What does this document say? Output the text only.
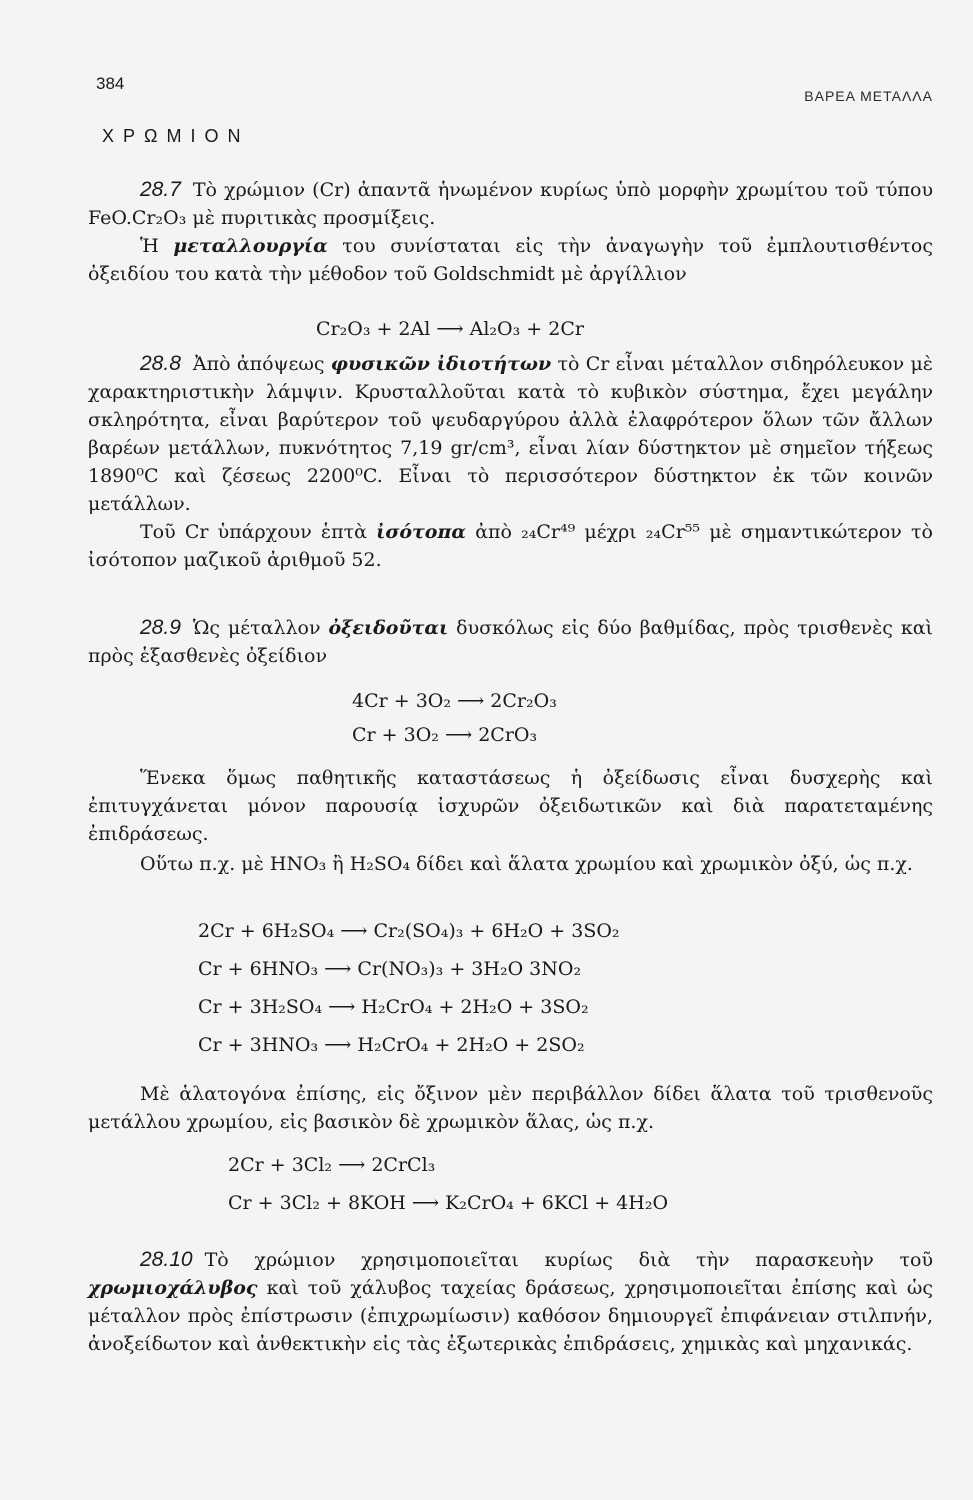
384
ΒΑΡΕΑ ΜΕΤΑΛΛΑ
ΧΡΩΜΙΟΝ

28.7 Τὸ χρώμιον (Cr) ἀπαντᾶ ἡνωμένον κυρίως ὑπὸ μορφὴν χρωμίτου τοῦ τύπου FeO.Cr₂O₃ μὲ πυριτικὰς προσμίξεις.

Ἡ μεταλλουργία του συνίσταται εἰς τὴν ἀναγωγὴν τοῦ ἐμπλουτισθέντος ὀξειδίου του κατὰ τὴν μέθοδον τοῦ Goldschmidt μὲ ἀργίλλιον

Cr₂O₃ + 2Al ⟶ Al₂O₃ + 2Cr

28.8 Ἀπὸ ἀπόψεως φυσικῶν ἰδιοτήτων τὸ Cr εἶναι μέταλλον σιδηρόλευκον μὲ χαρακτηριστικὴν λάμψιν. Κρυσταλλοῦται κατὰ τὸ κυβικὸν σύστημα, ἔχει μεγάλην σκληρότητα, εἶναι βαρύτερον τοῦ ψευδαργύρου ἀλλὰ ἐλαφρότερον ὅλων τῶν ἄλλων βαρέων μετάλλων, πυκνότητος 7,19 gr/cm³, εἶναι λίαν δύστηκτον μὲ σημεῖον τήξεως 1890⁰C καὶ ζέσεως 2200⁰C. Εἶναι τὸ περισσότερον δύστηκτον ἐκ τῶν κοινῶν μετάλλων.

Τοῦ Cr ὑπάρχουν ἑπτὰ ἰσότοπα ἀπὸ ₂₄Cr⁴⁹ μέχρι ₂₄Cr⁵⁵ μὲ σημαντικώτερον τὸ ἰσότοπον μαζικοῦ ἀριθμοῦ 52.

28.9 Ὡς μέταλλον ὀξειδοῦται δυσκόλως εἰς δύο βαθμίδας, πρὸς τρισθενὲς καὶ πρὸς ἑξασθενὲς ὀξείδιον

4Cr + 3O₂ ⟶ 2Cr₂O₃
Cr + 3O₂ ⟶ 2CrO₃

Ἕνεκα ὅμως παθητικῆς καταστάσεως ἡ ὀξείδωσις εἶναι δυσχερὴς καὶ ἐπιτυγχάνεται μόνον παρουσίᾳ ἰσχυρῶν ὀξειδωτικῶν καὶ διὰ παρατεταμένης ἐπιδράσεως.

Οὕτω π.χ. μὲ HNO₃ ἢ H₂SO₄ δίδει καὶ ἅλατα χρωμίου καὶ χρωμικὸν ὀξύ, ὡς π.χ.

2Cr + 6H₂SO₄ ⟶ Cr₂(SO₄)₃ + 6H₂O + 3SO₂
Cr + 6HNO₃ ⟶ Cr(NO₃)₃ + 3H₂O 3NO₂
Cr + 3H₂SO₄ ⟶ H₂CrO₄ + 2H₂O + 3SO₂
Cr + 3HNO₃ ⟶ H₂CrO₄ + 2H₂O + 2SO₂

Μὲ ἁλατογόνα ἐπίσης, εἰς ὄξινον μὲν περιβάλλον δίδει ἅλατα τοῦ τρισθενοῦς μετάλλου χρωμίου, εἰς βασικὸν δὲ χρωμικὸν ἅλας, ὡς π.χ.

2Cr + 3Cl₂ ⟶ 2CrCl₃
Cr + 3Cl₂ + 8KOH ⟶ K₂CrO₄ + 6KCl + 4H₂O

28.10 Τὸ χρώμιον χρησιμοποιεῖται κυρίως διὰ τὴν παρασκευὴν τοῦ χρωμιοχάλυβος καὶ τοῦ χάλυβος ταχείας δράσεως, χρησιμοποιεῖται ἐπίσης καὶ ὡς μέταλλον πρὸς ἐπίστρωσιν (ἐπιχρωμίωσιν) καθόσον δημιουργεῖ ἐπιφάνειαν στιλπνήν, ἀνοξείδωτον καὶ ἀνθεκτικὴν εἰς τὰς ἐξωτερικὰς ἐπιδράσεις, χημικὰς καὶ μηχανικάς.
